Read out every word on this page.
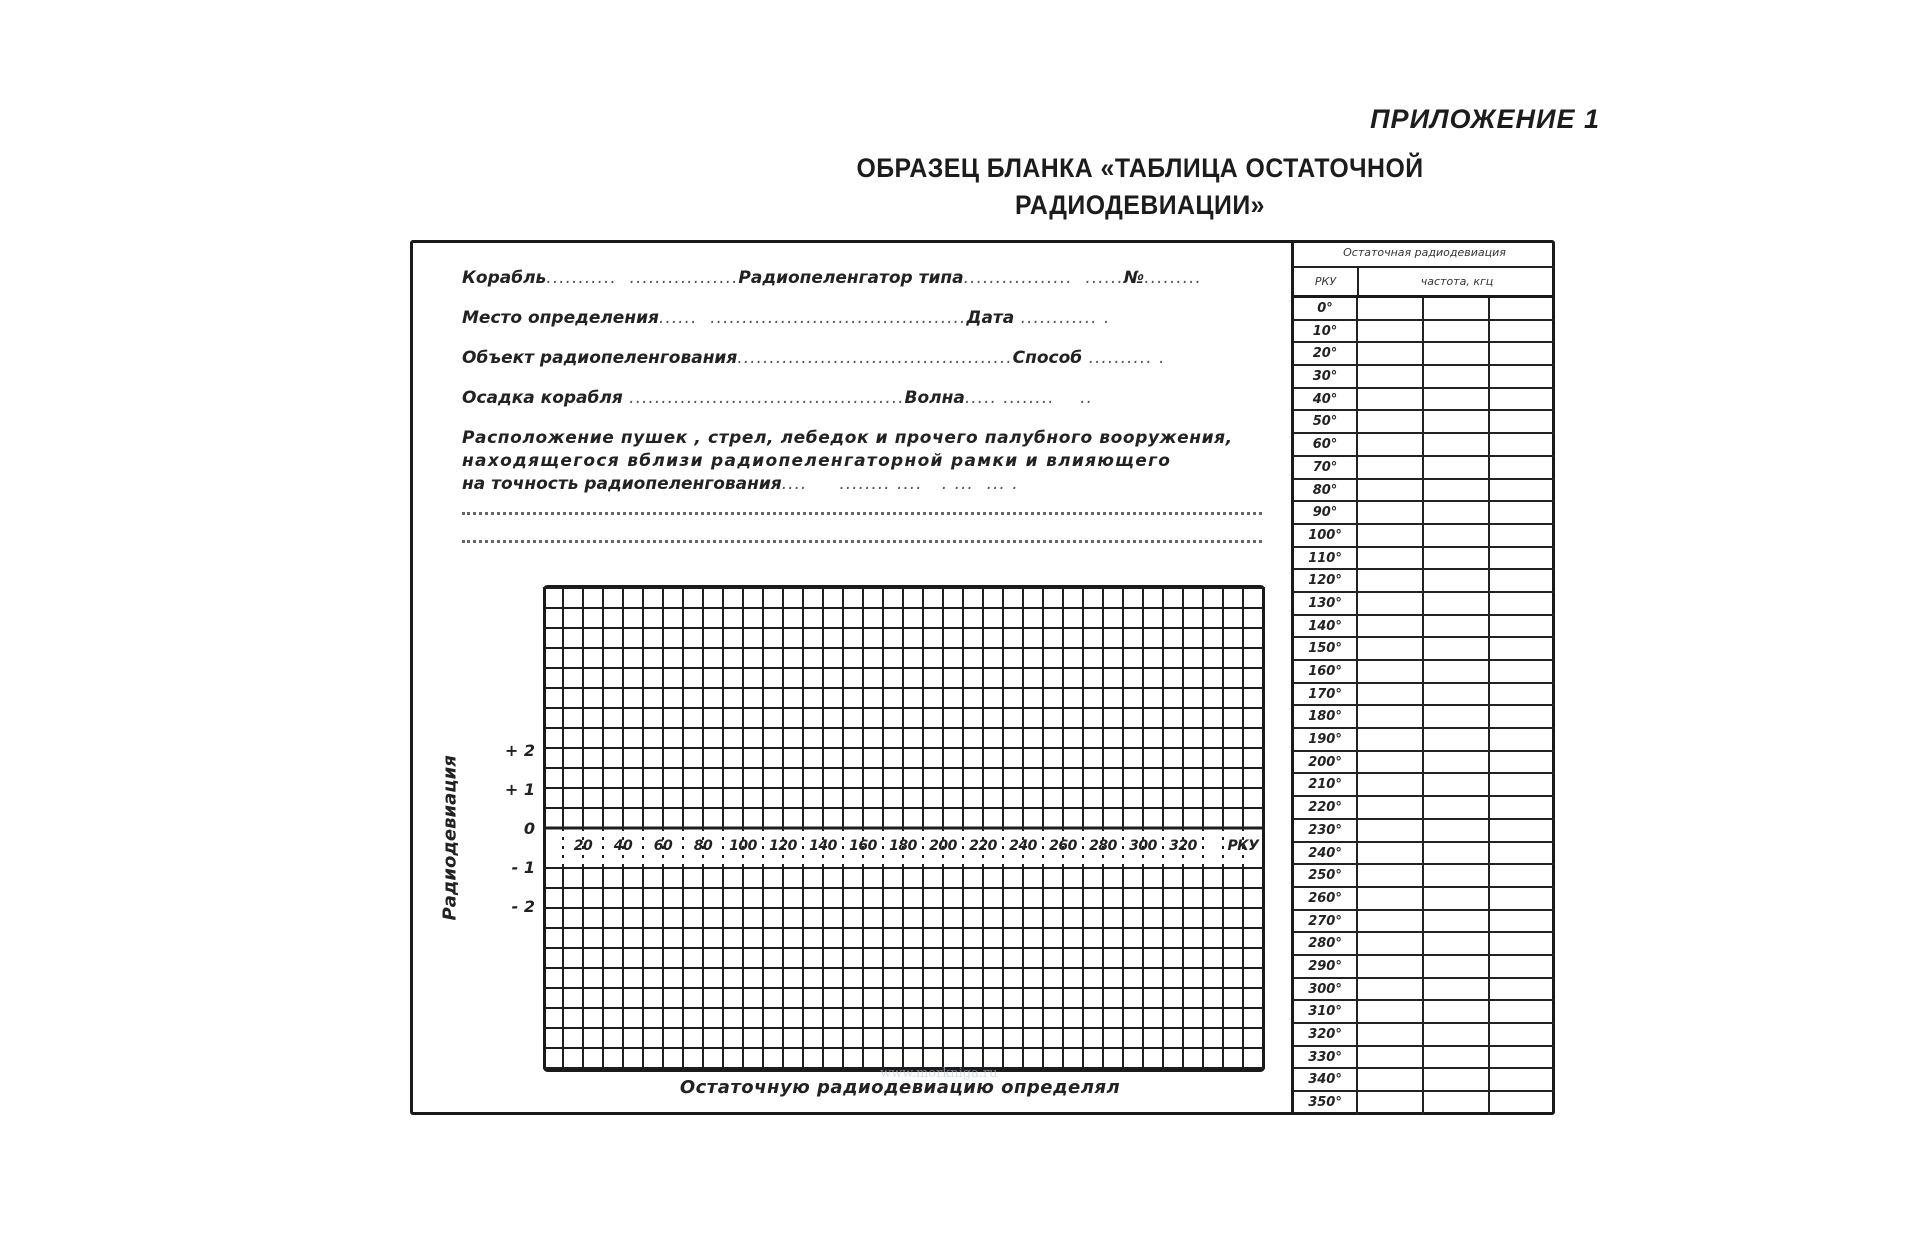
ПРИЛОЖЕНИЕ 1
ОБРАЗЕЦ БЛАНКА «ТАБЛИЦА ОСТАТОЧНОЙ
РАДИОДЕВИАЦИИ»
Корабль...........  .................Радиопеленгатор типа.................  ......№.........
Место определения......  ........................................Дата ............ .
Объект радиопеленгования...........................................Способ .......... .
Осадка корабля ...........................................Волна..... ........    ..
Расположение пушек , стрел, лебедок и прочего палубного вооружения,
находящегося вблизи радиопеленгаторной рамки и влияющего
на точность радиопеленгования....     ........ ....   . ...  ... .
Радиодевиация
+ 2
+ 1
0
- 1
- 2
20	40	60	80	100 120 140 160 180 200 220 240 260 280 300 320	РКУ
Остаточную радиодевиацию определял
www.morkniga.ru
Остаточная радиодевиация
РКУ	частота, кгц
0°
10°
20°
30°
40°
50°
60°
70°
80°
90°
100°
110°
120°
130°
140°
150°
160°
170°
180°
190°
200°
210°
220°
230°
240°
250°
260°
270°
280°
290°
300°
310°
320°
330°
340°
350°
